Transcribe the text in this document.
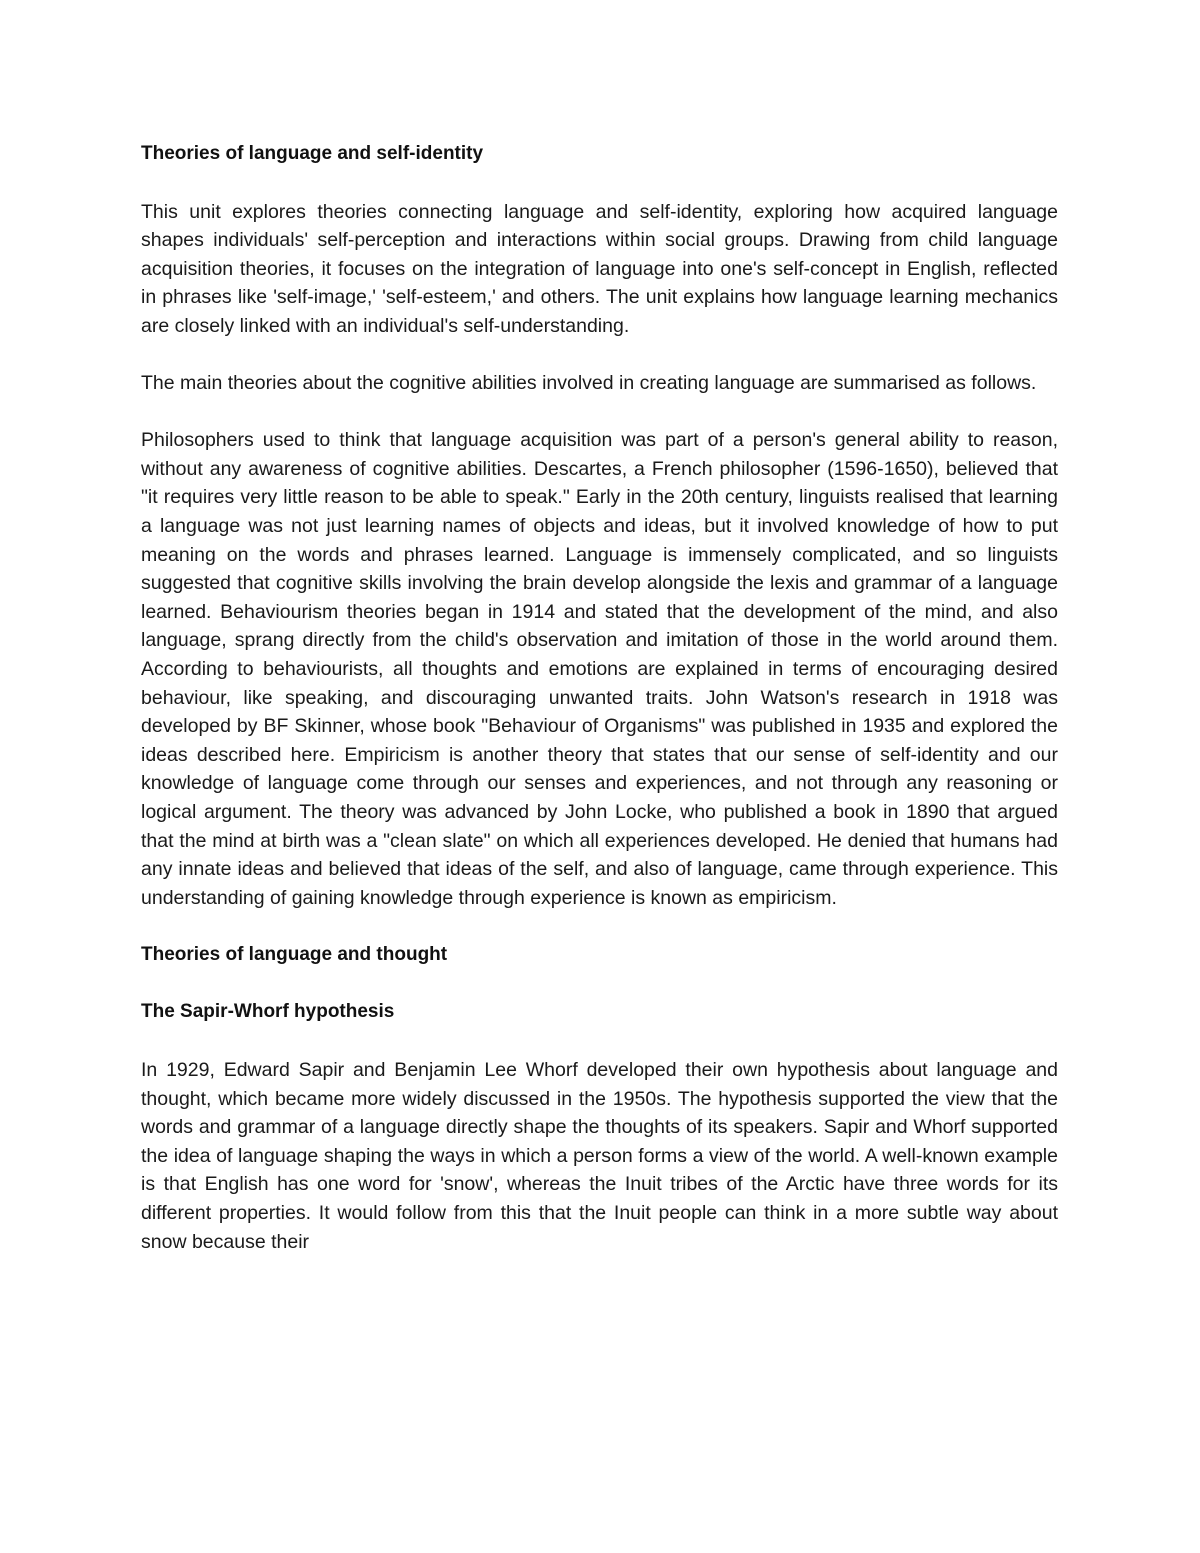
Theories of language and self-identity

This unit explores theories connecting language and self-identity, exploring how acquired language shapes individuals' self-perception and interactions within social groups. Drawing from child language acquisition theories, it focuses on the integration of language into one's self-concept in English, reflected in phrases like 'self-image,' 'self-esteem,' and others. The unit explains how language learning mechanics are closely linked with an individual's self-understanding.

The main theories about the cognitive abilities involved in creating language are summarised as follows.

Philosophers used to think that language acquisition was part of a person's general ability to reason, without any awareness of cognitive abilities. Descartes, a French philosopher (1596-1650), believed that "it requires very little reason to be able to speak." Early in the 20th century, linguists realised that learning a language was not just learning names of objects and ideas, but it involved knowledge of how to put meaning on the words and phrases learned. Language is immensely complicated, and so linguists suggested that cognitive skills involving the brain develop alongside the lexis and grammar of a language learned. Behaviourism theories began in 1914 and stated that the development of the mind, and also language, sprang directly from the child's observation and imitation of those in the world around them. According to behaviourists, all thoughts and emotions are explained in terms of encouraging desired behaviour, like speaking, and discouraging unwanted traits. John Watson's research in 1918 was developed by BF Skinner, whose book "Behaviour of Organisms" was published in 1935 and explored the ideas described here. Empiricism is another theory that states that our sense of self-identity and our knowledge of language come through our senses and experiences, and not through any reasoning or logical argument. The theory was advanced by John Locke, who published a book in 1890 that argued that the mind at birth was a "clean slate" on which all experiences developed. He denied that humans had any innate ideas and believed that ideas of the self, and also of language, came through experience. This understanding of gaining knowledge through experience is known as empiricism.

Theories of language and thought
The Sapir-Whorf hypothesis

In 1929, Edward Sapir and Benjamin Lee Whorf developed their own hypothesis about language and thought, which became more widely discussed in the 1950s. The hypothesis supported the view that the words and grammar of a language directly shape the thoughts of its speakers. Sapir and Whorf supported the idea of language shaping the ways in which a person forms a view of the world. A well-known example is that English has one word for 'snow', whereas the Inuit tribes of the Arctic have three words for its different properties. It would follow from this that the Inuit people can think in a more subtle way about snow because their
